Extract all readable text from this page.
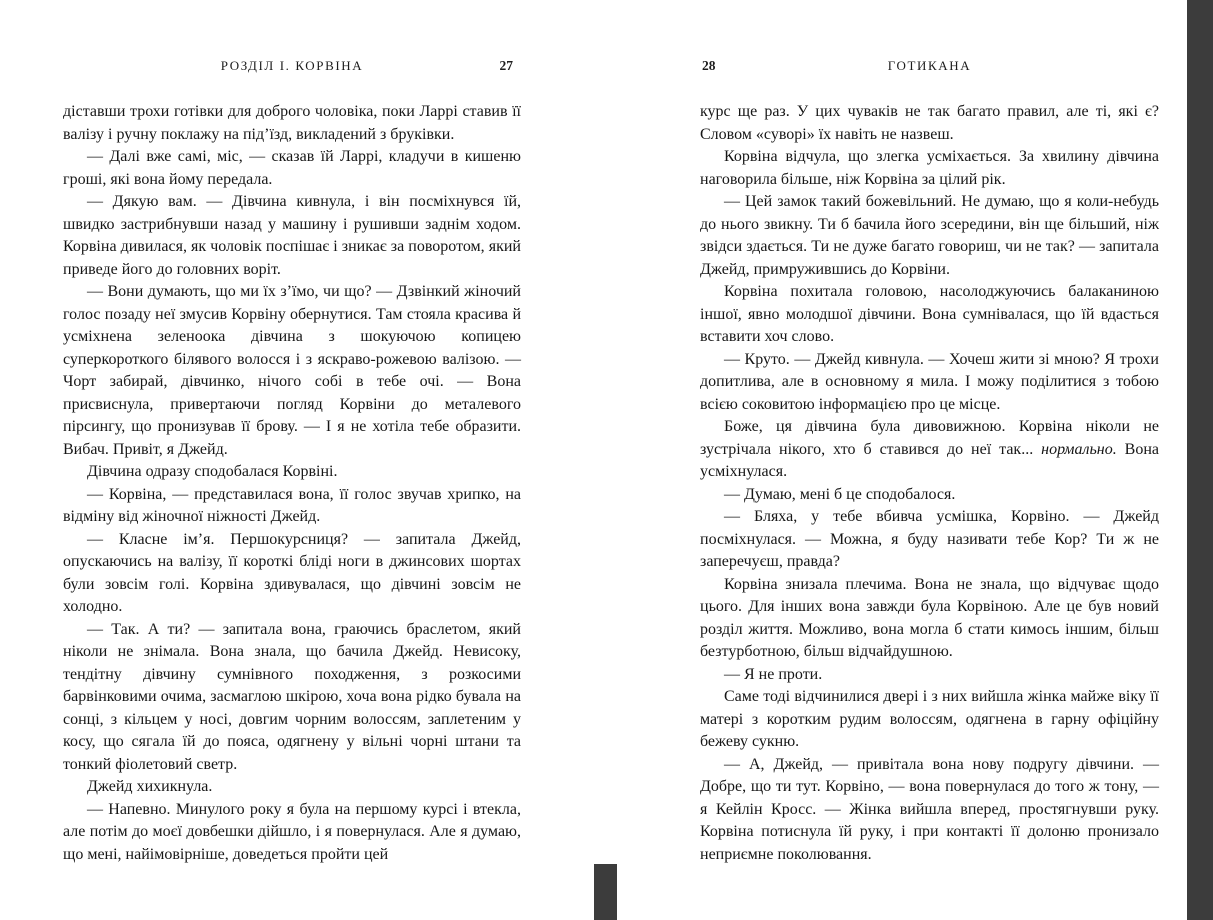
РОЗДІЛ І. КОРВІНА	27

діставши трохи готівки для доброго чоловіка, поки Ларрі ставив її валізу і ручну поклажу на під’їзд, викладений з бруківки.

— Далі вже самі, міс, — сказав їй Ларрі, кладучи в кишеню гроші, які вона йому передала.

— Дякую вам. — Дівчина кивнула, і він посміхнувся їй, швидко застрибнувши назад у машину і рушивши заднім ходом. Корвіна дивилася, як чоловік поспішає і зникає за поворотом, який приведе його до головних воріт.

— Вони думають, що ми їх з’їмо, чи що? — Дзвінкий жіночий голос позаду неї змусив Корвіну обернутися. Там стояла красива й усміхнена зеленоока дівчина з шокуючою копицею суперкороткого білявого волосся і з яскраво-рожевою валізою. — Чорт забирай, дівчинко, нічого собі в тебе очі. — Вона присвиснула, привертаючи погляд Корвіни до металевого пірсингу, що пронизував її брову. — І я не хотіла тебе образити. Вибач. Привіт, я Джейд.

Дівчина одразу сподобалася Корвіні.

— Корвіна, — представилася вона, її голос звучав хрипко, на відміну від жіночної ніжності Джейд.

— Класне ім’я. Першокурсниця? — запитала Джейд, опускаючись на валізу, її короткі бліді ноги в джинсових шортах були зовсім голі. Корвіна здивувалася, що дівчині зовсім не холодно.

— Так. А ти? — запитала вона, граючись браслетом, який ніколи не знімала. Вона знала, що бачила Джейд. Невисоку, тендітну дівчину сумнівного походження, з розкосими барвінковими очима, засмаглою шкірою, хоча вона рідко бувала на сонці, з кільцем у носі, довгим чорним волоссям, заплетеним у косу, що сягала їй до пояса, одягнену у вільні чорні штани та тонкий фіолетовий светр.

Джейд хихикнула.

— Напевно. Минулого року я була на першому курсі і втекла, але потім до моєї довбешки дійшло, і я повернулася. Але я думаю, що мені, найімовірніше, доведеться пройти цей

ГОТИКАНА
28

курс ще раз. У цих чуваків не так багато правил, але ті, які є? Словом «суворі» їх навіть не назвеш.

Корвіна відчула, що злегка усміхається. За хвилину дівчина наговорила більше, ніж Корвіна за цілий рік.

— Цей замок такий божевільний. Не думаю, що я коли-небудь до нього звикну. Ти б бачила його зсередини, він ще більший, ніж звідси здається. Ти не дуже багато говориш, чи не так? — запитала Джейд, примружившись до Корвіни.

Корвіна похитала головою, насолоджуючись балаканиною іншої, явно молодшої дівчини. Вона сумнівалася, що їй вдасться вставити хоч слово.

— Круто. — Джейд кивнула. — Хочеш жити зі мною? Я трохи допитлива, але в основному я мила. І можу поділитися з тобою всією соковитою інформацією про це місце.

Боже, ця дівчина була дивовижною. Корвіна ніколи не зустрічала нікого, хто б ставився до неї так... нормально. Вона усміхнулася.

— Думаю, мені б це сподобалося.

— Бляха, у тебе вбивча усмішка, Корвіно. — Джейд посміхнулася. — Можна, я буду називати тебе Кор? Ти ж не заперечуєш, правда?

Корвіна знизала плечима. Вона не знала, що відчуває щодо цього. Для інших вона завжди була Корвіною. Але це був новий розділ життя. Можливо, вона могла б стати кимось іншим, більш безтурботною, більш відчайдушною.

— Я не проти.

Саме тоді відчинилися двері і з них вийшла жінка майже віку її матері з коротким рудим волоссям, одягнена в гарну офіційну бежеву сукню.

— А, Джейд, — привітала вона нову подругу дівчини. — Добре, що ти тут. Корвіно, — вона повернулася до того ж тону, — я Кейлін Кросс. — Жінка вийшла вперед, простягнувши руку. Корвіна потиснула їй руку, і при контакті її долоню пронизало неприємне поколювання.
